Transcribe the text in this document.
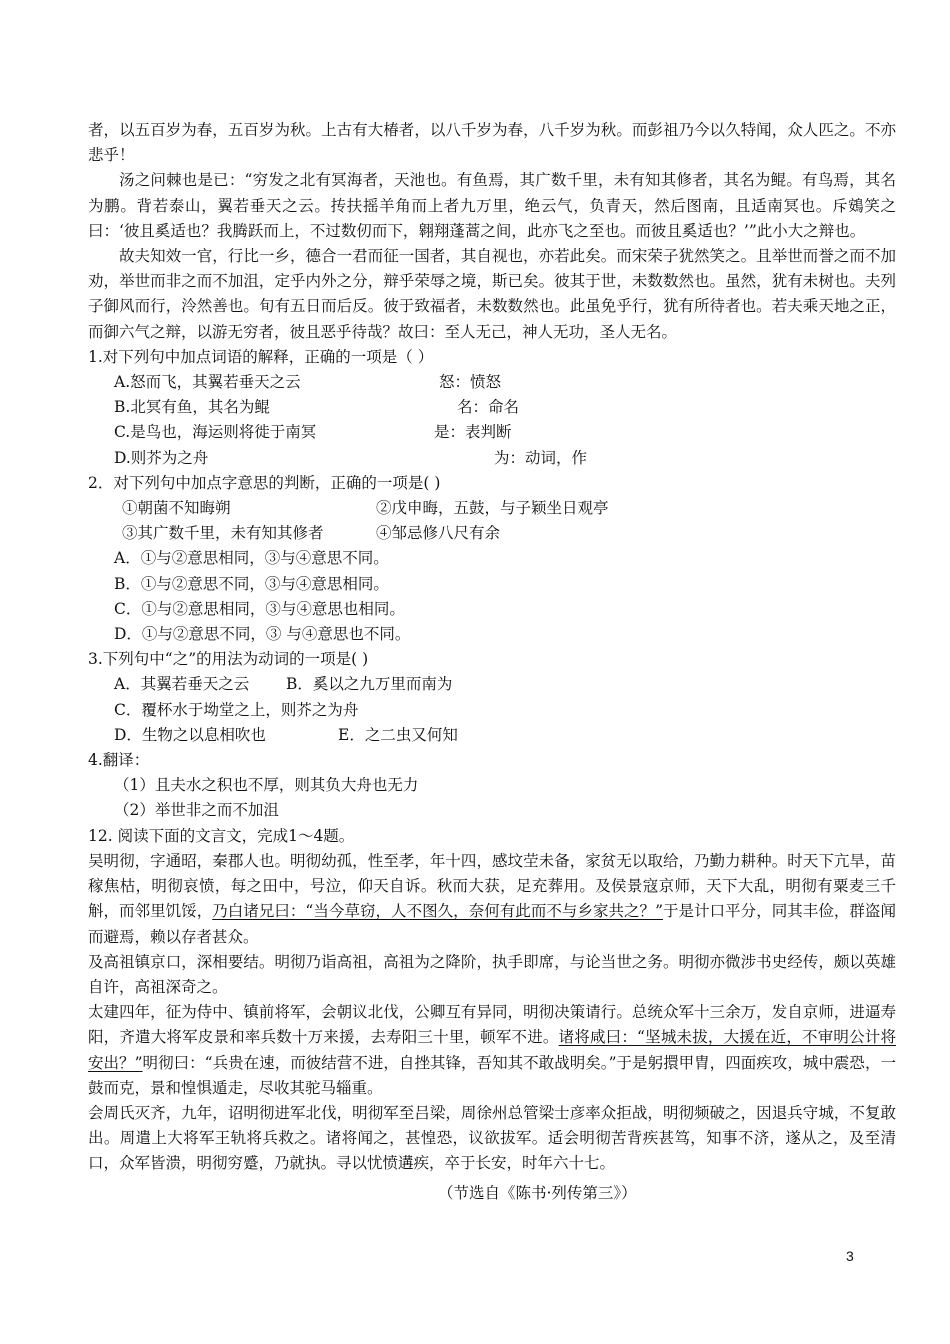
者，以五百岁为春，五百岁为秋。上古有大椿者，以八千岁为春，八千岁为秋。而彭祖乃今以久特闻，众人匹之。不亦悲乎！

汤之问棘也是已：“穷发之北有冥海者，天池也。有鱼焉，其广数千里，未有知其修者，其名为鲲。有鸟焉，其名为鹏。背若泰山，翼若垂天之云。抟扶摇羊角而上者九万里，绝云气，负青天，然后图南，且适南冥也。斥鴳笑之曰：‘彼且奚适也？我腾跃而上，不过数仞而下，翱翔蓬蒿之间，此亦飞之至也。而彼且奚适也？’”此小大之辩也。

故夫知效一官，行比一乡，德合一君而征一国者，其自视也，亦若此矣。而宋荣子犹然笑之。且举世而誉之而不加劝，举世而非之而不加沮，定乎内外之分，辩乎荣辱之境，斯已矣。彼其于世，未数数然也。虽然，犹有未树也。夫列子御风而行，泠然善也。旬有五日而后反。彼于致福者，未数数然也。此虽免乎行，犹有所待者也。若夫乘天地之正，而御六气之辩，以游无穷者，彼且恶乎待哉？故曰：至人无己，神人无功，圣人无名。

1.对下列句中加点词语的解释，正确的一项是（ ）

A.怒而飞，其翼若垂天之云	怒：愤怒
B.北冥有鱼，其名为鲲	名：命名
C.是鸟也，海运则将徙于南冥	是：表判断
D.则芥为之舟	为：动词，作

2．对下列句中加点字意思的判断，正确的一项是( )

①朝菌不知晦朔	②戊申晦，五鼓，与子颖坐日观亭
③其广数千里，未有知其修者	④邹忌修八尺有余

A．①与②意思相同，③与④意思不同。

B．①与②意思不同，③与④意思相同。

C．①与②意思相同，③与④意思也相同。

D．①与②意思不同，③ 与④意思也不同。

3.下列句中“之”的用法为动词的一项是( )

A．其翼若垂天之云	B．奚以之九万里而南为

C．覆杯水于坳堂之上，则芥之为舟

D．生物之以息相吹也	E．之二虫又何知

4.翻译：

（1）且夫水之积也不厚，则其负大舟也无力

（2）举世非之而不加沮

12. 阅读下面的文言文，完成1～4题。

吴明彻，字通昭，秦郡人也。明彻幼孤，性至孝，年十四，感坟茔未备，家贫无以取给，乃勤力耕种。时天下亢旱，苗稼焦枯，明彻哀愤，每之田中，号泣，仰天自诉。秋而大获，足充葬用。及侯景寇京师，天下大乱，明彻有粟麦三千斛，而邻里饥馁，乃白诸兄曰：“当今草窃，人不图久，奈何有此而不与乡家共之？”于是计口平分，同其丰俭，群盗闻而避焉，赖以存者甚众。

及高祖镇京口，深相要结。明彻乃诣高祖，高祖为之降阶，执手即席，与论当世之务。明彻亦微涉书史经传，颇以英雄自许，高祖深奇之。

太建四年，征为侍中、镇前将军，会朝议北伐，公卿互有异同，明彻决策请行。总统众军十三余万，发自京师，进逼寿阳，齐遣大将军皮景和率兵数十万来援，去寿阳三十里，顿军不进。诸将咸曰：“坚城未拔，大援在近，不审明公计将安出？”明彻曰：“兵贵在速，而彼结营不进，自挫其锋，吾知其不敢战明矣。”于是躬擐甲胄，四面疾攻，城中震恐，一鼓而克，景和惶惧遁走，尽收其驼马辎重。

会周氏灭齐，九年，诏明彻进军北伐，明彻军至吕梁，周徐州总管梁士彦率众拒战，明彻频破之，因退兵守城，不复敢出。周遣上大将军王轨将兵救之。诸将闻之，甚惶恐，议欲拔军。适会明彻苦背疾甚笃，知事不济，遂从之，及至清口，众军皆溃，明彻穷蹙，乃就执。寻以忧愤遘疾，卒于长安，时年六十七。

（节选自《陈书·列传第三》）

3
